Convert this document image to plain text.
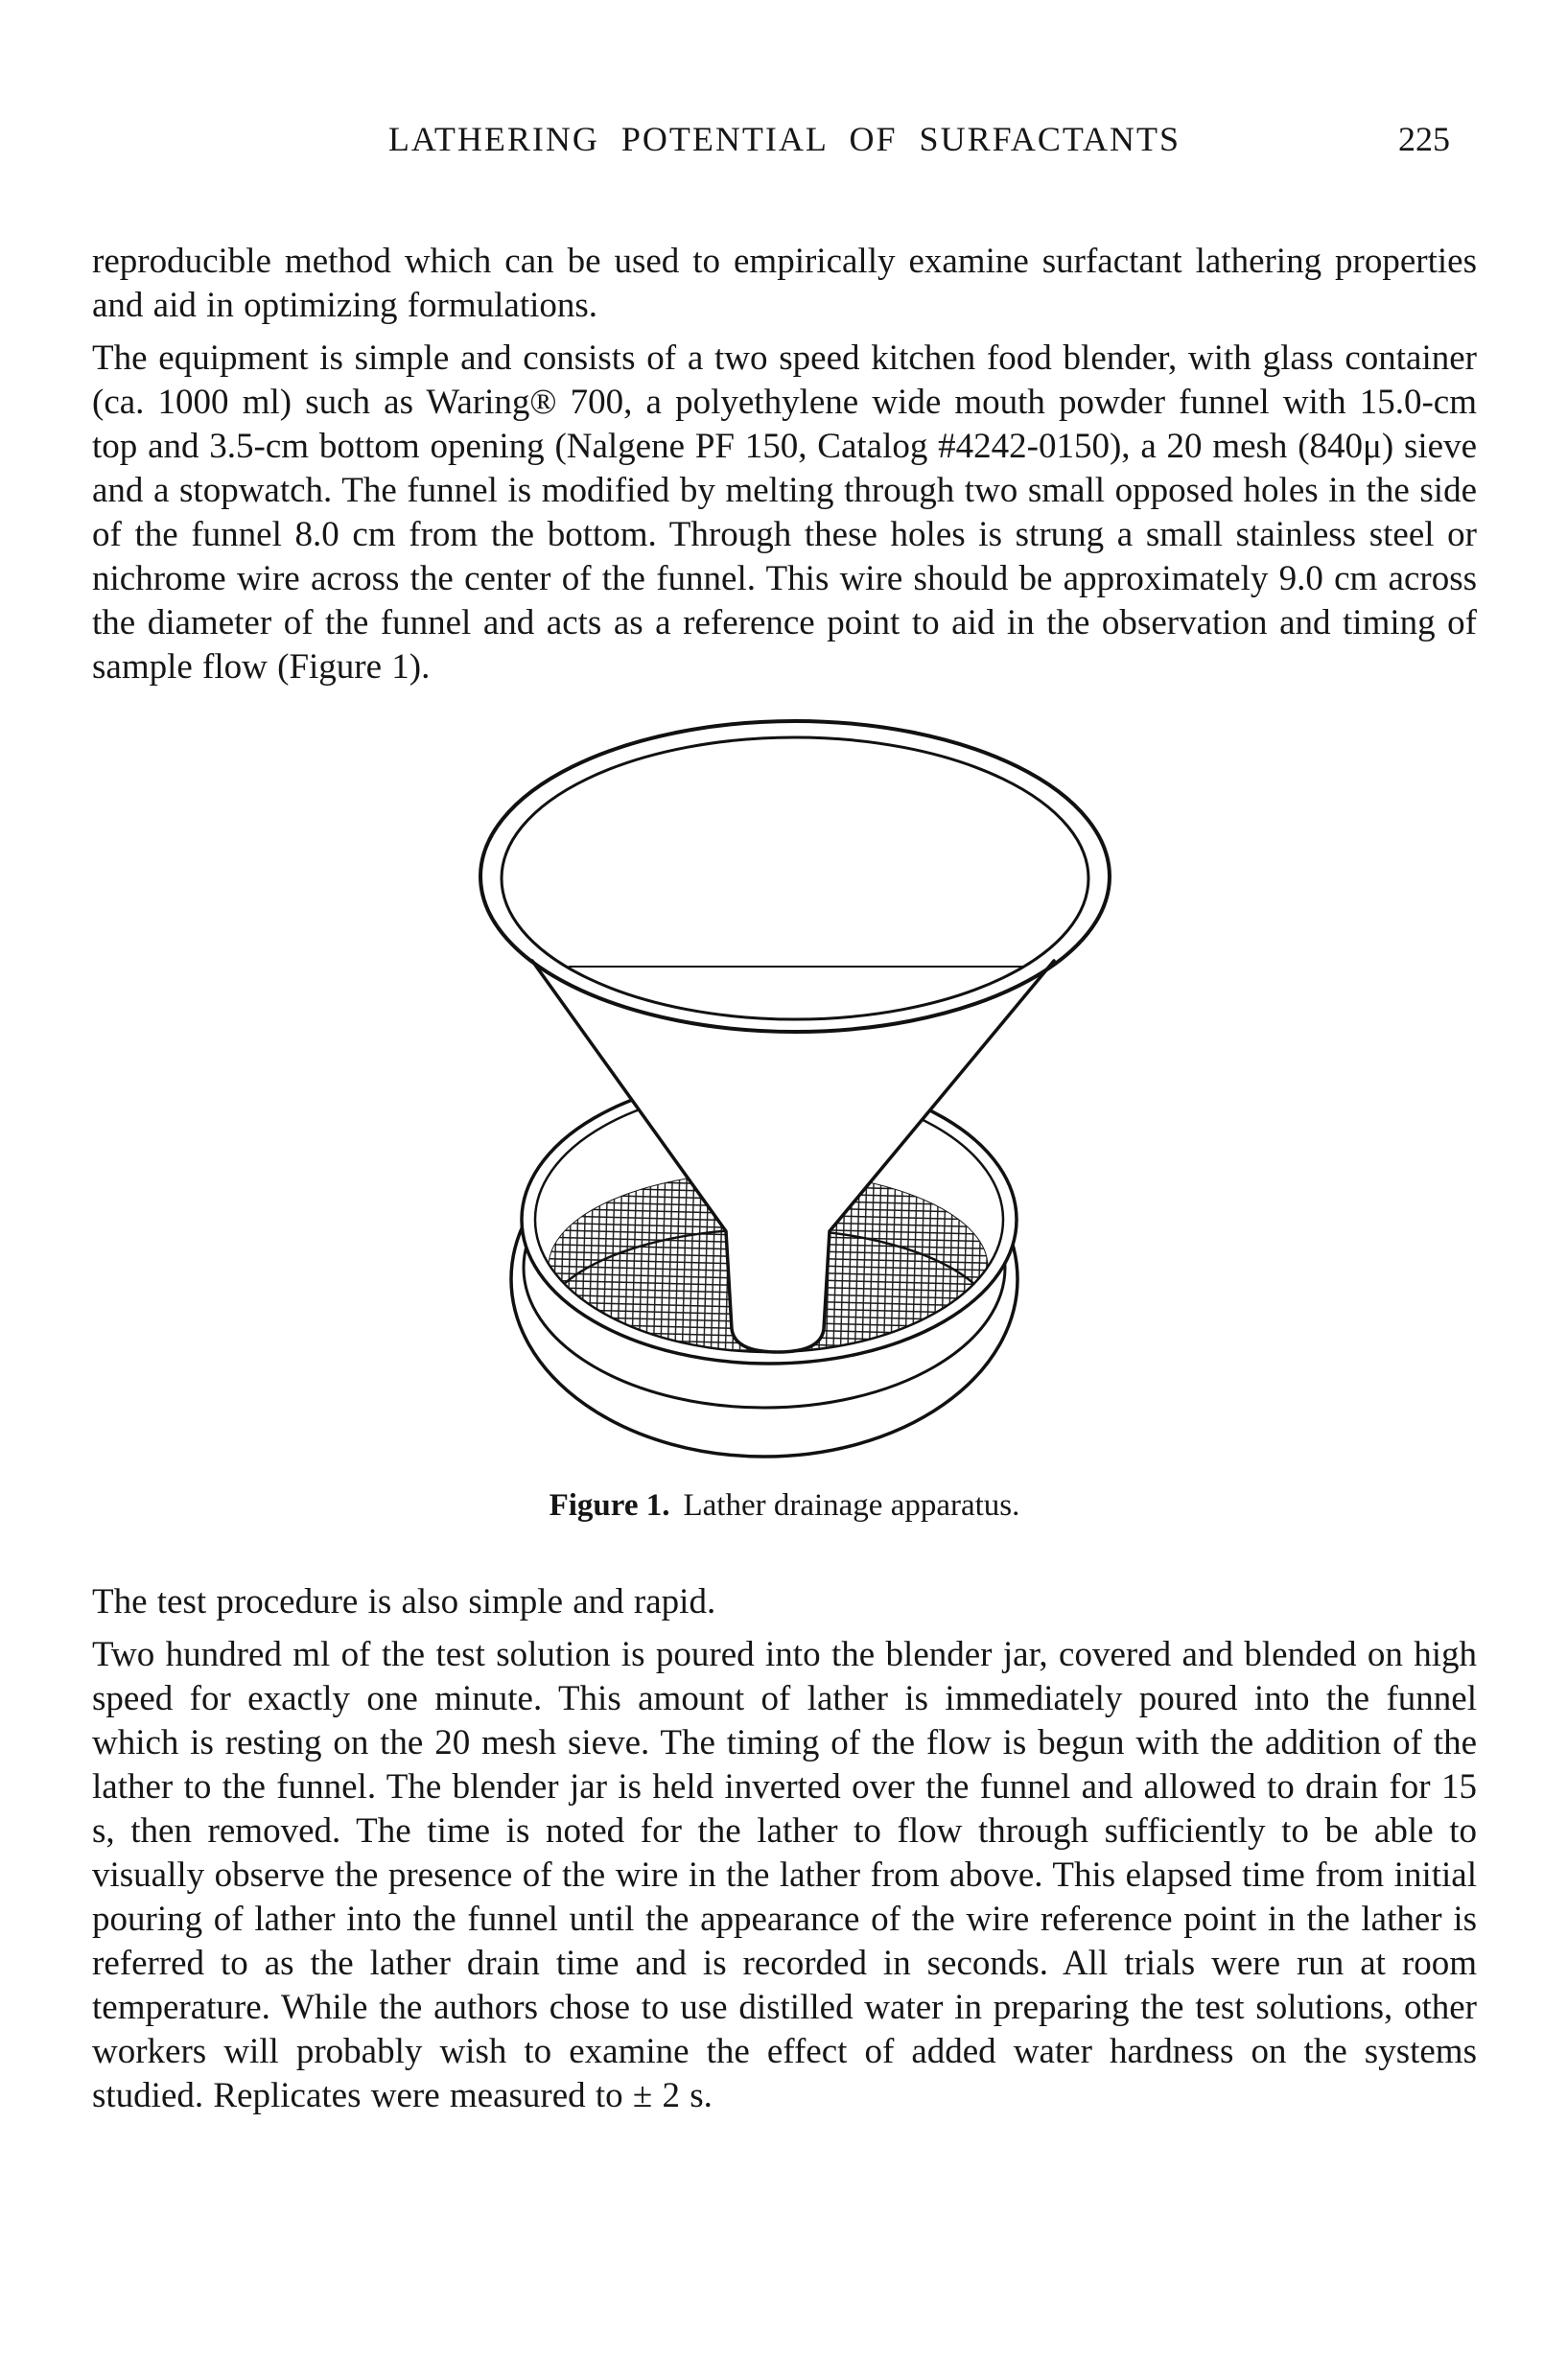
LATHERING POTENTIAL OF SURFACTANTS	225

reproducible method which can be used to empirically examine surfactant lathering properties and aid in optimizing formulations.

The equipment is simple and consists of a two speed kitchen food blender, with glass container (ca. 1000 ml) such as Waring® 700, a polyethylene wide mouth powder funnel with 15.0-cm top and 3.5-cm bottom opening (Nalgene PF 150, Catalog #4242-0150), a 20 mesh (840μ) sieve and a stopwatch. The funnel is modified by melting through two small opposed holes in the side of the funnel 8.0 cm from the bottom. Through these holes is strung a small stainless steel or nichrome wire across the center of the funnel. This wire should be approximately 9.0 cm across the diameter of the funnel and acts as a reference point to aid in the observation and timing of sample flow (Figure 1).

Figure 1. Lather drainage apparatus.

The test procedure is also simple and rapid.

Two hundred ml of the test solution is poured into the blender jar, covered and blended on high speed for exactly one minute. This amount of lather is immediately poured into the funnel which is resting on the 20 mesh sieve. The timing of the flow is begun with the addition of the lather to the funnel. The blender jar is held inverted over the funnel and allowed to drain for 15 s, then removed. The time is noted for the lather to flow through sufficiently to be able to visually observe the presence of the wire in the lather from above. This elapsed time from initial pouring of lather into the funnel until the appearance of the wire reference point in the lather is referred to as the lather drain time and is recorded in seconds. All trials were run at room temperature. While the authors chose to use distilled water in preparing the test solutions, other workers will probably wish to examine the effect of added water hardness on the systems studied. Replicates were measured to ± 2 s.
